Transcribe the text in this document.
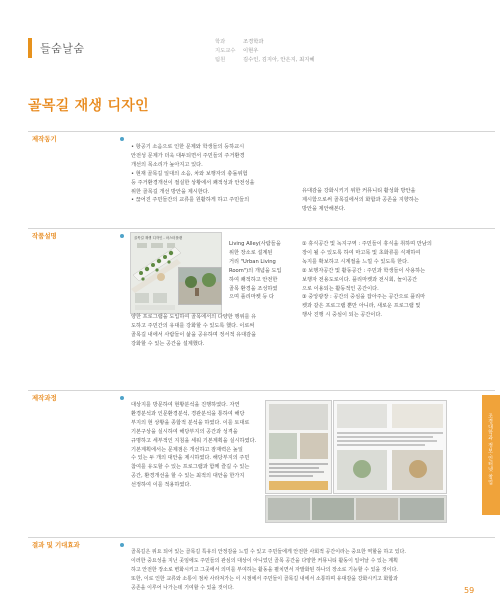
들숨날숨	학과	조경학과
지도교수 이현우
팀원	김수인, 김지아, 안은지, 최지혜
골목길 재생 디자인
제작동기
• 항공기 소음으로 인한 문제와 학생들의 등하교시
안전성 문제가 더욱 대두되면서 주민들의 주거환경
개선의 목소리가 높아지고 있다.
• 현재 골목길 일대의 소음, 차와 보행자의 충돌위험
등 주거환경개선이 절실한 상황에서 쾌적성과 안전성을
위한 골목길 개선 방안을 제시한다.
• 끊어진 주민들간의 교류를 원활하게 하고 주민들의
유대감을 강화시키기 위한 커뮤니티 활성화 방안을
제시함으로써 골목길에서의 화합과 공존을 지향하는
방안을 제안해본다.
작품설명	골목길 재생 디자인 - 마스터플랜
Living Alley(사람들을
위한 장소로 설계된
거리 "Urban Living
Room")의 개념을 도입
하여 쾌적하고 안전한
골목 환경을 조성하였
으며 플리마켓 등 다
양한 프로그램을 도입하여 골목에서의 다양한 행위를 유
도하고 주민간의 유대를 강화할 수 있도록 했다. 이로써
골목길 내에서 사람들이 삶을 공유하며 정서적 유대감을
강화할 수 있는 공간을 설계했다.
① 휴식공간 및 녹지구역 : 주민들이 휴식을 취하며 만남의
장이 될 수 있도록 하여 마고목 및 초화류를 식재하여
녹지를 확보하고 시계절을 느낄 수 있도록 한다.
② 보행자공간 및 활동공간 : 주민과 학생들이 사용하는
보행자 전용도로이다. 플리마켓과 전시회, 놀이공간
으로 이용되는 활동적인 공간이다.
③ 중앙광장 : 공간의 중심을 잡아주는 공간으로 플리마
켓과 같은 프로그램 뿐만 아니라, 새로운 프로그램 및
행사 진행 시 중심이 되는 공간이다.
제작과정
대상지를 방문하여 현황분석을 진행하였다. 자연
환경분석과 인문환경분석, 경관분석을 통하여 해당
부지의 현 상황을 종합적 분석을 하였다. 이를 토대로
기본구상을 실시하여 해당부지의 공간과 성격을
규명하고 세부적인 지침을 세워 기본계획을 실시하였다.
기본계획에서는 문제점은 개선하고 잠재력은 높일
수 있는 두 개의 대안을 제시하였다. 해당부지의 주민
참여를 유도할 수 있는 프로그램과 함께 즐길 수 있는
공간, 환경개선을 할 수 있는 최적의 대안을 한가지
선정하여 이를 적용하였다.
결과 및 기대효과
골목길은 위요 되어 있는 골목길 특유의 안정감을 느낄 수 있고 주민들에게 안전한 사회적 공간이라는 중요한 역할을 하고 있다.
이러한 중요성을 지닌 곳임에도 주민들의 관심의 대상이 아니었던 골목 공간을 다양한 커뮤니티 활동이 일어날 수 있는 계획
하고 안전한 장소로 변화시키고 그곳에서 의미를 부여하는 활동을 펼치면서 자발화된 하나의 장소로 기능할 수 있을 것이다.
또한, 이로 인한 교류와 소통이 점차 사라져가는 이 시점에서 주민들이 골목길 내에서 소통하며 유대감을 강화시키고 화합과
공존을 이루어 나가는데 기여할 수 있을 것이다.
조경대학과 정보·인터넷 창업
59
